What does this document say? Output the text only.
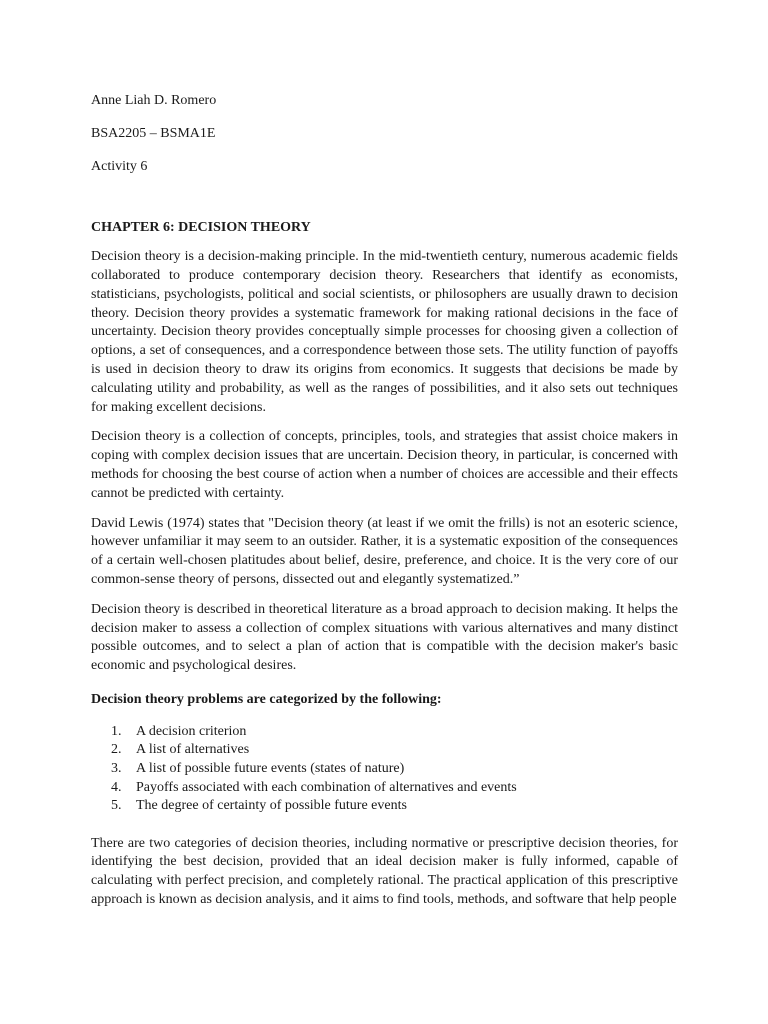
Anne Liah D. Romero

BSA2205 – BSMA1E

Activity 6

CHAPTER 6: DECISION THEORY

Decision theory is a decision-making principle. In the mid-twentieth century, numerous academic fields collaborated to produce contemporary decision theory. Researchers that identify as economists, statisticians, psychologists, political and social scientists, or philosophers are usually drawn to decision theory. Decision theory provides a systematic framework for making rational decisions in the face of uncertainty. Decision theory provides conceptually simple processes for choosing given a collection of options, a set of consequences, and a correspondence between those sets. The utility function of payoffs is used in decision theory to draw its origins from economics. It suggests that decisions be made by calculating utility and probability, as well as the ranges of possibilities, and it also sets out techniques for making excellent decisions.

Decision theory is a collection of concepts, principles, tools, and strategies that assist choice makers in coping with complex decision issues that are uncertain. Decision theory, in particular, is concerned with methods for choosing the best course of action when a number of choices are accessible and their effects cannot be predicted with certainty.

David Lewis (1974) states that "Decision theory (at least if we omit the frills) is not an esoteric science, however unfamiliar it may seem to an outsider. Rather, it is a systematic exposition of the consequences of a certain well-chosen platitudes about belief, desire, preference, and choice. It is the very core of our common-sense theory of persons, dissected out and elegantly systematized.”

Decision theory is described in theoretical literature as a broad approach to decision making. It helps the decision maker to assess a collection of complex situations with various alternatives and many distinct possible outcomes, and to select a plan of action that is compatible with the decision maker's basic economic and psychological desires.

Decision theory problems are categorized by the following:

1.	A decision criterion
2.	A list of alternatives
3.	A list of possible future events (states of nature)
4.	Payoffs associated with each combination of alternatives and events
5.	The degree of certainty of possible future events

There are two categories of decision theories, including normative or prescriptive decision theories, for identifying the best decision, provided that an ideal decision maker is fully informed, capable of calculating with perfect precision, and completely rational. The practical application of this prescriptive approach is known as decision analysis, and it aims to find tools, methods, and software that help people
